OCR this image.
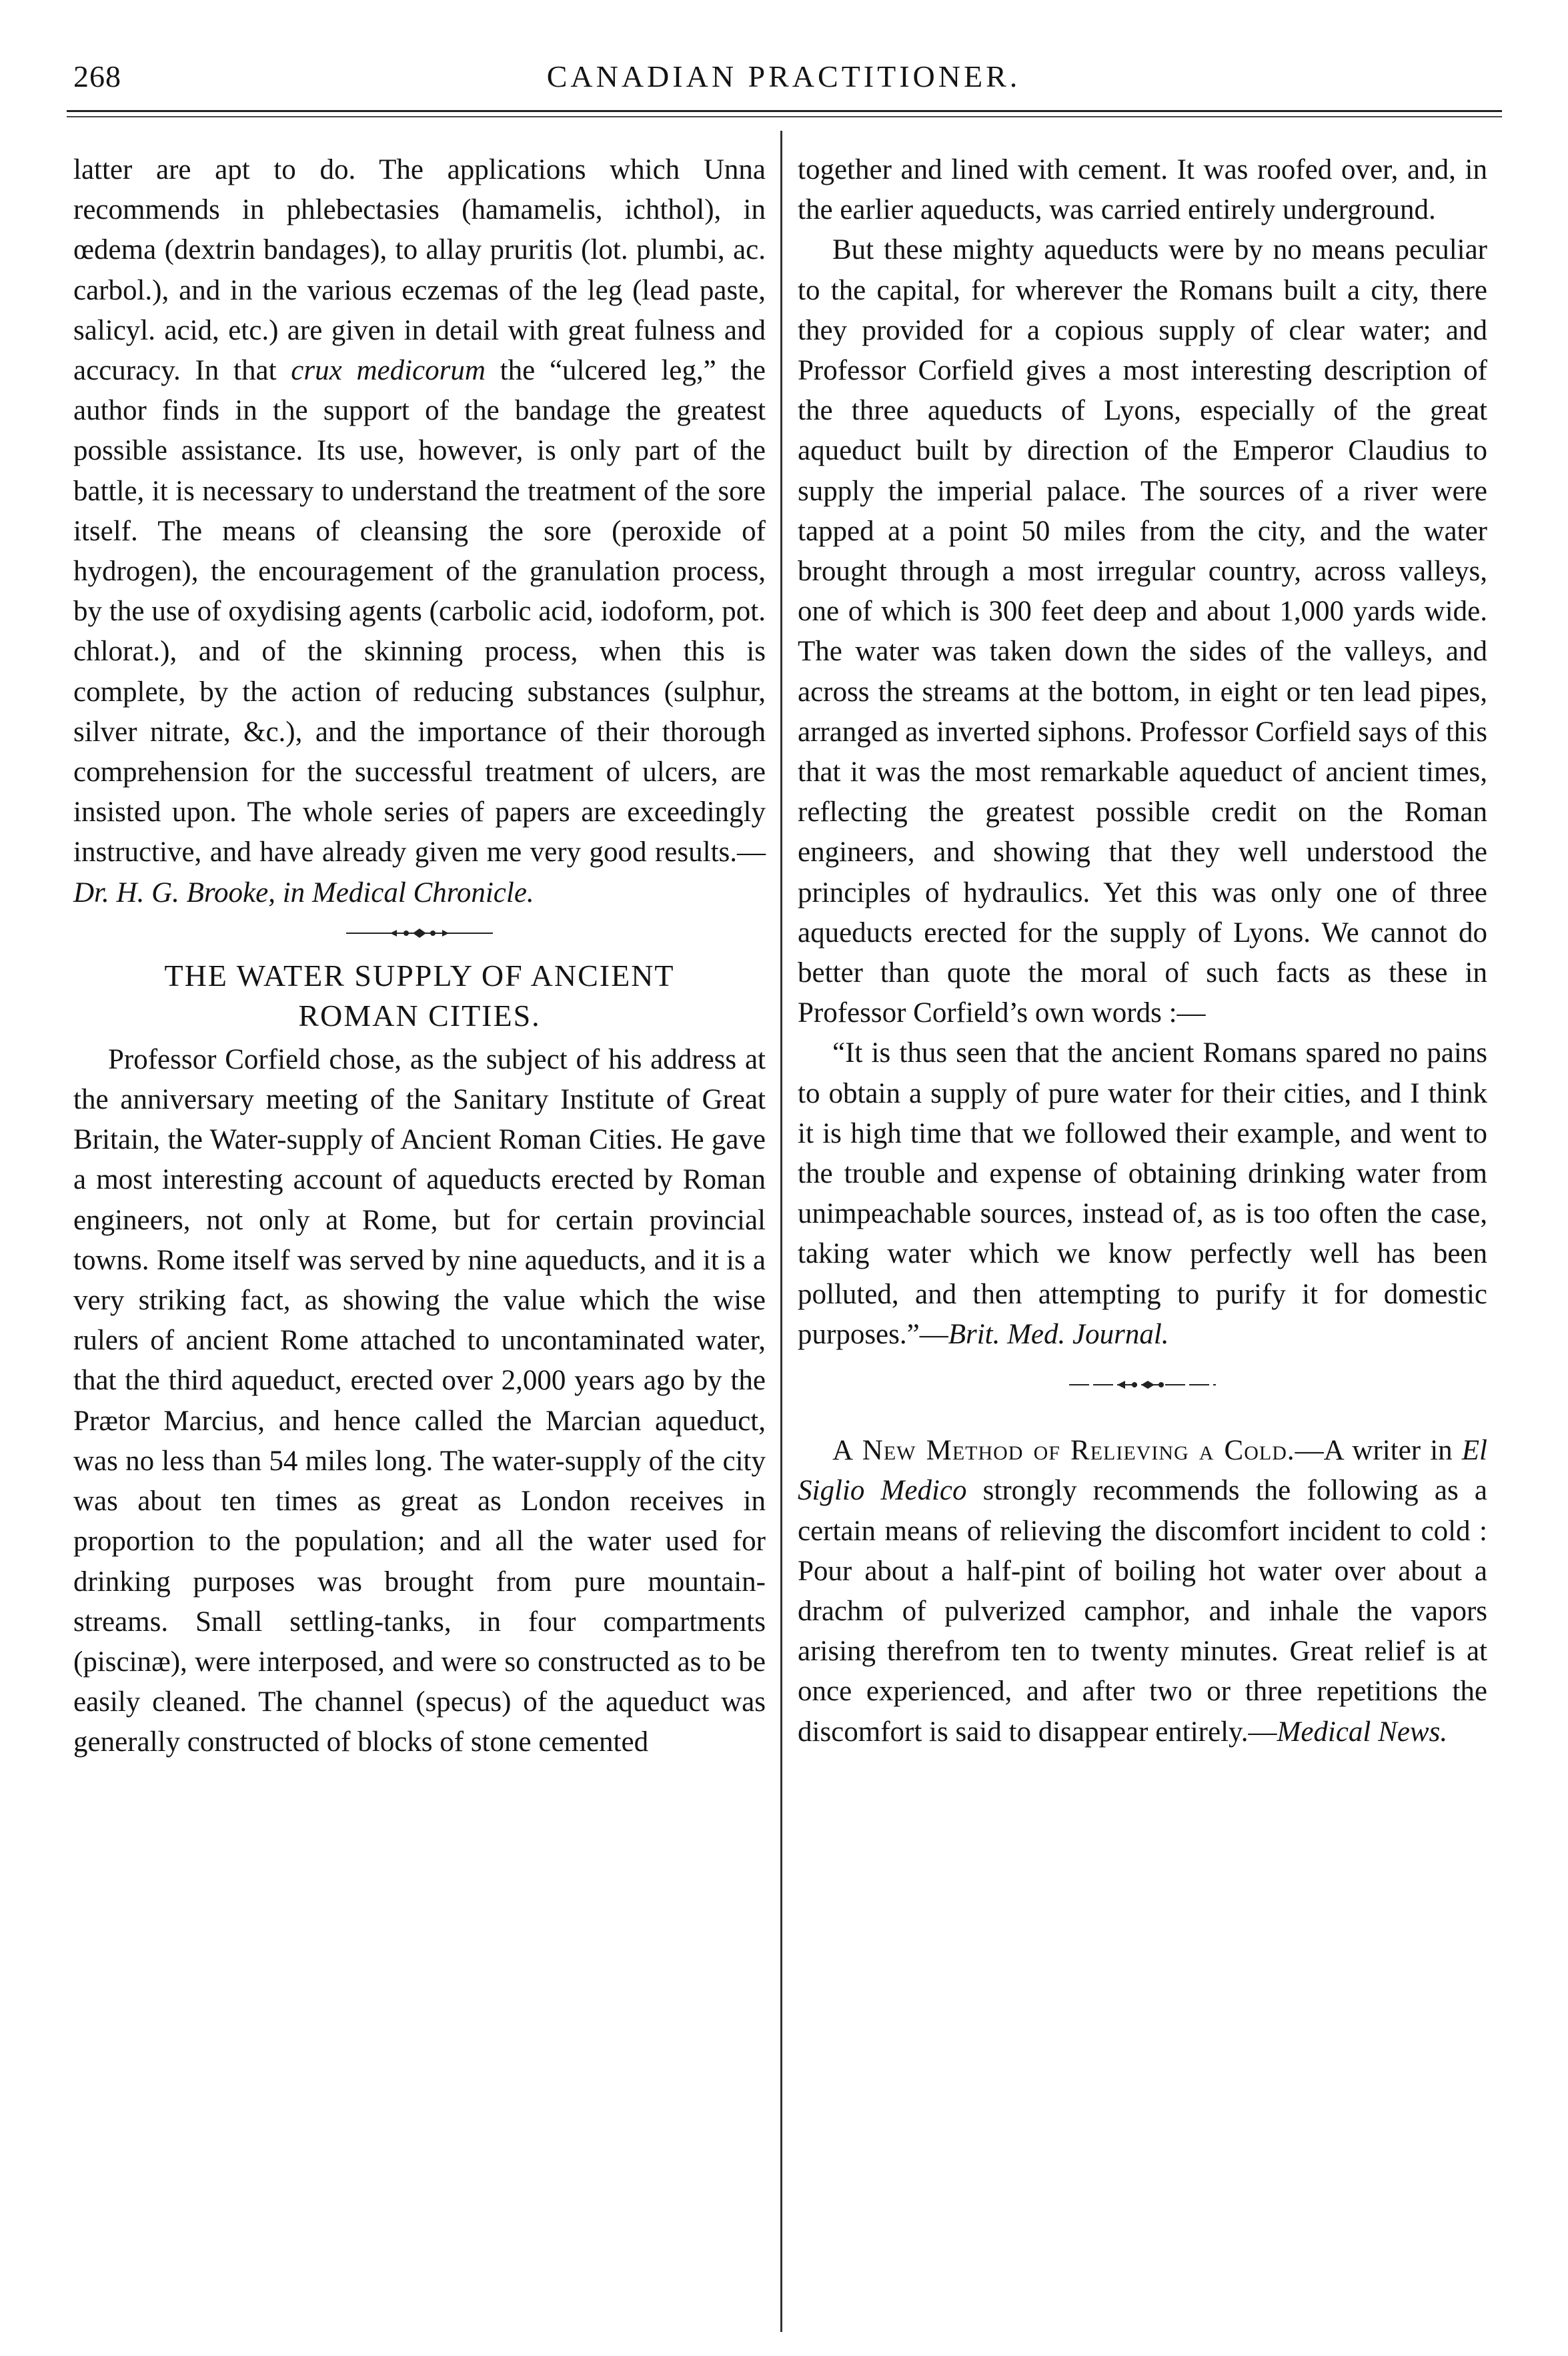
268	CANADIAN PRACTITIONER.

latter are apt to do. The applications which Unna recommends in phlebectasies (hamamelis, ichthol), in œdema (dextrin bandages), to allay pruritis (lot. plumbi, ac. carbol.), and in the various eczemas of the leg (lead paste, salicyl. acid, etc.) are given in detail with great fulness and accuracy. In that crux medicorum the “ulcered leg,” the author finds in the support of the bandage the greatest possible assistance. Its use, however, is only part of the battle, it is necessary to understand the treatment of the sore itself. The means of cleansing the sore (peroxide of hydrogen), the encouragement of the granulation process, by the use of oxydising agents (carbolic acid, iodoform, pot. chlorat.), and of the skinning process, when this is complete, by the action of reducing substances (sulphur, silver nitrate, &c.), and the importance of their thorough comprehension for the successful treatment of ulcers, are insisted upon. The whole series of papers are exceedingly instructive, and have already given me very good results.—Dr. H. G. Brooke, in Medical Chronicle.

THE WATER SUPPLY OF ANCIENT
ROMAN CITIES.

Professor Corfield chose, as the subject of his address at the anniversary meeting of the Sanitary Institute of Great Britain, the Water-supply of Ancient Roman Cities. He gave a most interesting account of aqueducts erected by Roman engineers, not only at Rome, but for certain provincial towns. Rome itself was served by nine aqueducts, and it is a very striking fact, as showing the value which the wise rulers of ancient Rome attached to uncontaminated water, that the third aqueduct, erected over 2,000 years ago by the Prætor Marcius, and hence called the Marcian aqueduct, was no less than 54 miles long. The water-supply of the city was about ten times as great as London receives in proportion to the population; and all the water used for drinking purposes was brought from pure mountain-streams. Small settling-tanks, in four compartments (piscinæ), were interposed, and were so constructed as to be easily cleaned. The channel (specus) of the aqueduct was generally constructed of blocks of stone cemented

together and lined with cement. It was roofed over, and, in the earlier aqueducts, was carried entirely underground.

But these mighty aqueducts were by no means peculiar to the capital, for wherever the Romans built a city, there they provided for a copious supply of clear water; and Professor Corfield gives a most interesting description of the three aqueducts of Lyons, especially of the great aqueduct built by direction of the Emperor Claudius to supply the imperial palace. The sources of a river were tapped at a point 50 miles from the city, and the water brought through a most irregular country, across valleys, one of which is 300 feet deep and about 1,000 yards wide. The water was taken down the sides of the valleys, and across the streams at the bottom, in eight or ten lead pipes, arranged as inverted siphons. Professor Corfield says of this that it was the most remarkable aqueduct of ancient times, reflecting the greatest possible credit on the Roman engineers, and showing that they well understood the principles of hydraulics. Yet this was only one of three aqueducts erected for the supply of Lyons. We cannot do better than quote the moral of such facts as these in Professor Corfield’s own words :—

“It is thus seen that the ancient Romans spared no pains to obtain a supply of pure water for their cities, and I think it is high time that we followed their example, and went to the trouble and expense of obtaining drinking water from unimpeachable sources, instead of, as is too often the case, taking water which we know perfectly well has been polluted, and then attempting to purify it for domestic purposes.”—Brit. Med. Journal.

A New Method of Relieving a Cold.—A writer in El Siglio Medico strongly recommends the following as a certain means of relieving the discomfort incident to cold : Pour about a half-pint of boiling hot water over about a drachm of pulverized camphor, and inhale the vapors arising therefrom ten to twenty minutes. Great relief is at once experienced, and after two or three repetitions the discomfort is said to disappear entirely.—Medical News.
